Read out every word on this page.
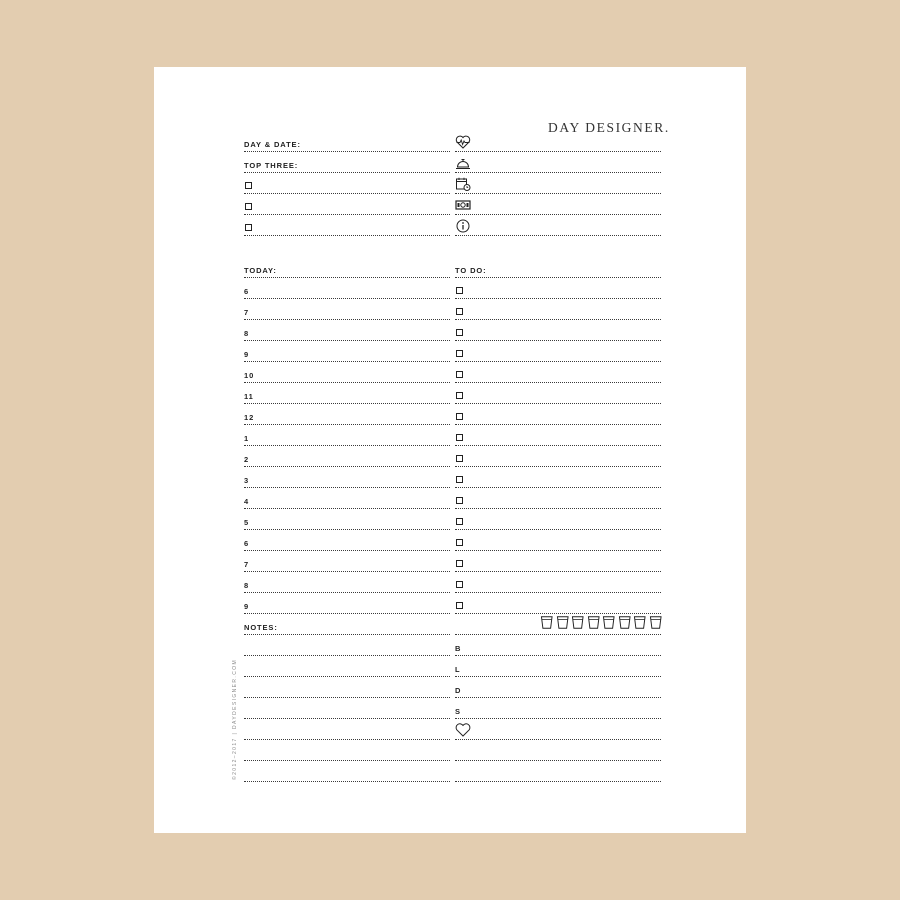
DAY DESIGNER.
DAY & DATE:
TOP THREE:
TODAY:
6
7
8
9
10
11
12
1
2
3
4
5
6
7
8
9
NOTES:
TO DO:
B
L
D
S
©2012–2017 | DAYDESIGNER.COM
